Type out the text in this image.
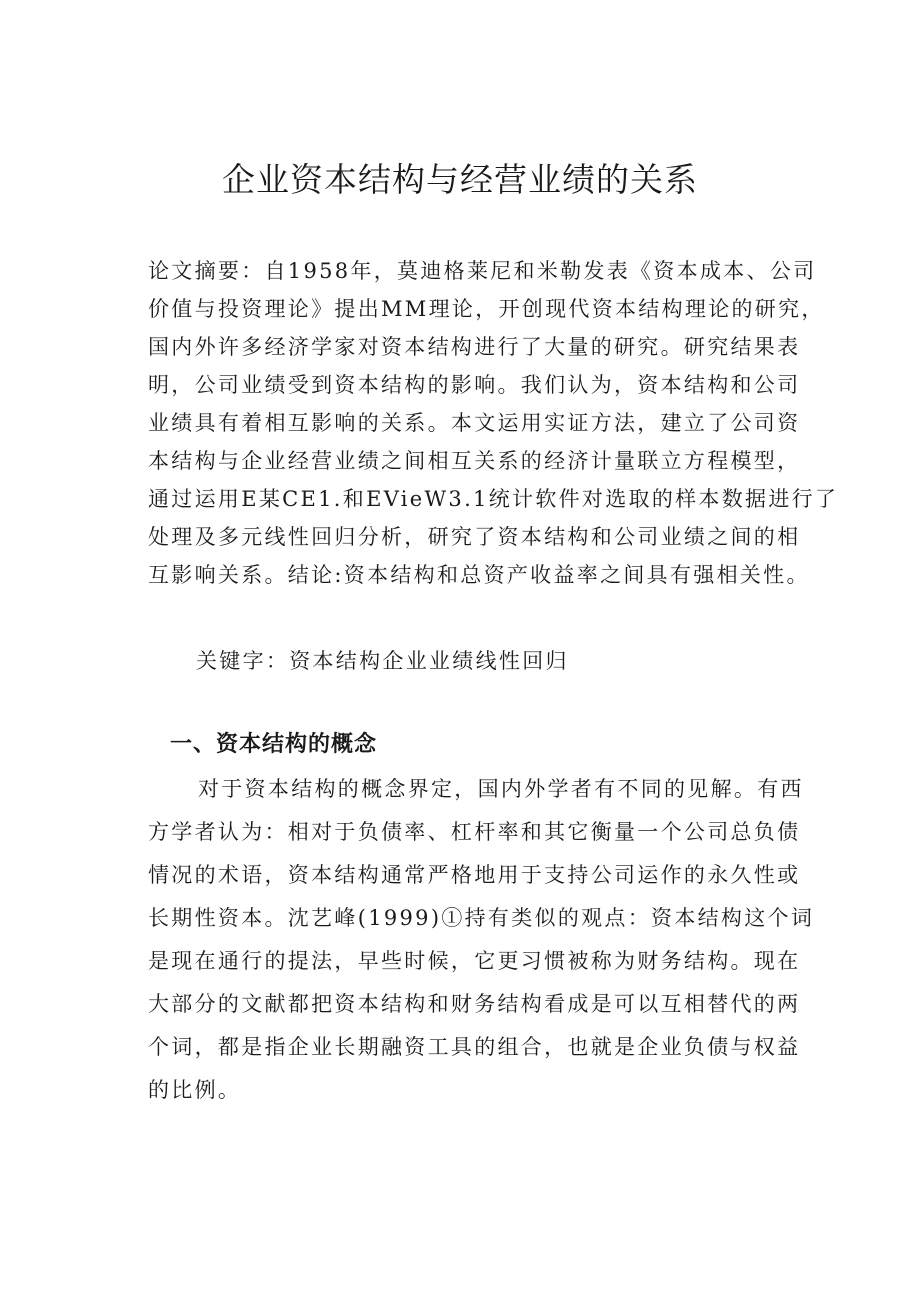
企业资本结构与经营业绩的关系
论文摘要：自1958年，莫迪格莱尼和米勒发表《资本成本、公司
价值与投资理论》提出MM理论，开创现代资本结构理论的研究，
国内外许多经济学家对资本结构进行了大量的研究。研究结果表
明，公司业绩受到资本结构的影响。我们认为，资本结构和公司
业绩具有着相互影响的关系。本文运用实证方法，建立了公司资
本结构与企业经营业绩之间相互关系的经济计量联立方程模型，
通过运用E某CE1.和EVieW3.1统计软件对选取的样本数据进行了
处理及多元线性回归分析，研究了资本结构和公司业绩之间的相
互影响关系。结论:资本结构和总资产收益率之间具有强相关性。
关键字：资本结构企业业绩线性回归
一、资本结构的概念
对于资本结构的概念界定，国内外学者有不同的见解。有西
方学者认为：相对于负债率、杠杆率和其它衡量一个公司总负债
情况的术语，资本结构通常严格地用于支持公司运作的永久性或
长期性资本。沈艺峰(1999)①持有类似的观点：资本结构这个词
是现在通行的提法，早些时候，它更习惯被称为财务结构。现在
大部分的文献都把资本结构和财务结构看成是可以互相替代的两
个词，都是指企业长期融资工具的组合，也就是企业负债与权益
的比例。
